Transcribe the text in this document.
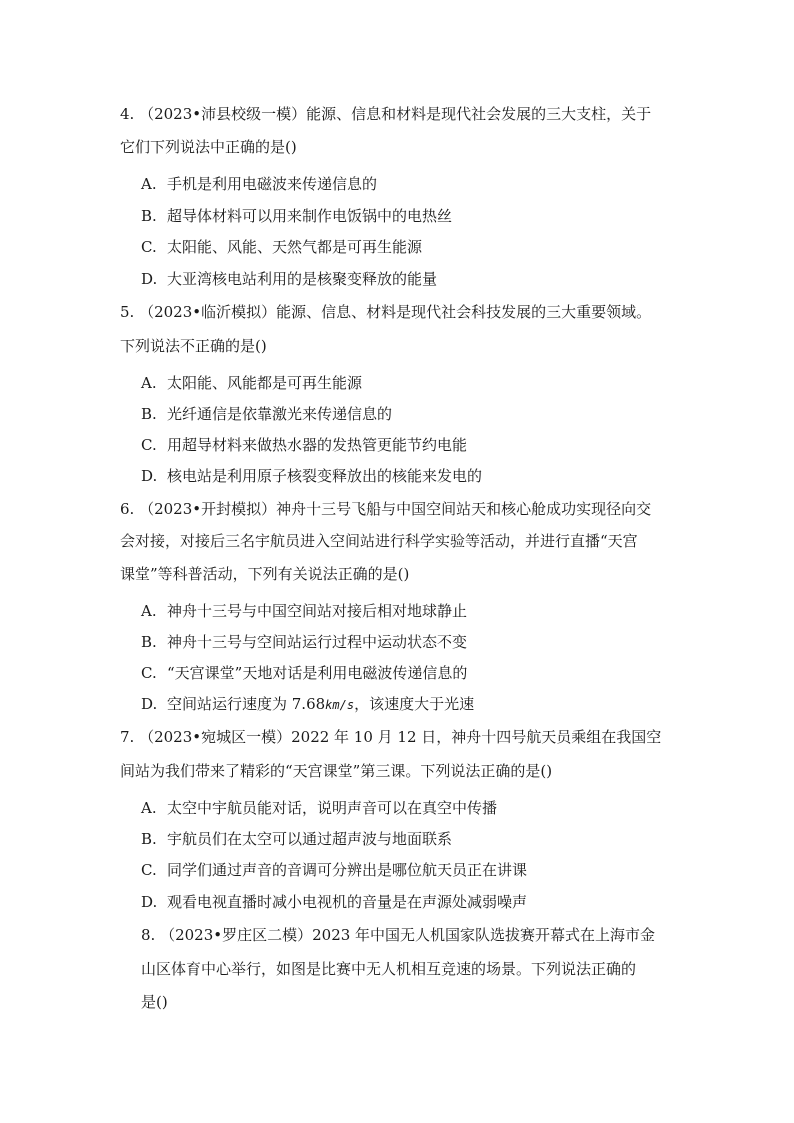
4. （2023•沛县校级一模）能源、信息和材料是现代社会发展的三大支柱，关于
它们下列说法中正确的是()
A. 手机是利用电磁波来传递信息的
B. 超导体材料可以用来制作电饭锅中的电热丝
C. 太阳能、风能、天然气都是可再生能源
D. 大亚湾核电站利用的是核聚变释放的能量
5. （2023•临沂模拟）能源、信息、材料是现代社会科技发展的三大重要领域。
下列说法不正确的是()
A. 太阳能、风能都是可再生能源
B. 光纤通信是依靠激光来传递信息的
C. 用超导材料来做热水器的发热管更能节约电能
D. 核电站是利用原子核裂变释放出的核能来发电的
6. （2023•开封模拟）神舟十三号飞船与中国空间站天和核心舱成功实现径向交
会对接，对接后三名宇航员进入空间站进行科学实验等活动，并进行直播“天宫
课堂”等科普活动，下列有关说法正确的是()
A. 神舟十三号与中国空间站对接后相对地球静止
B. 神舟十三号与空间站运行过程中运动状态不变
C. “天宫课堂”天地对话是利用电磁波传递信息的
D. 空间站运行速度为 7.68km/s，该速度大于光速
7. （2023•宛城区一模）2022 年 10 月 12 日，神舟十四号航天员乘组在我国空
间站为我们带来了精彩的“天宫课堂”第三课。下列说法正确的是()
A. 太空中宇航员能对话，说明声音可以在真空中传播
B. 宇航员们在太空可以通过超声波与地面联系
C. 同学们通过声音的音调可分辨出是哪位航天员正在讲课
D. 观看电视直播时减小电视机的音量是在声源处减弱噪声
8. （2023•罗庄区二模）2023 年中国无人机国家队选拔赛开幕式在上海市金
山区体育中心举行，如图是比赛中无人机相互竞速的场景。下列说法正确的
是()
